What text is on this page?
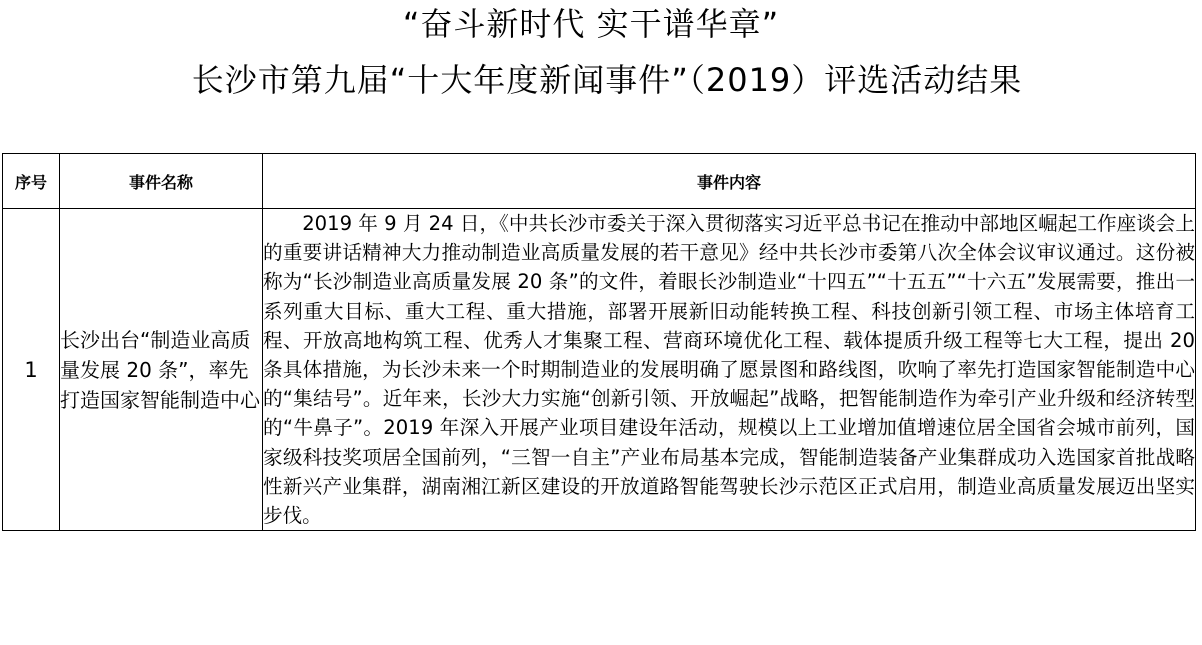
“奋斗新时代 实干谱华章”
长沙市第九届“十大年度新闻事件”（2019）评选活动结果
序号	事件名称	事件内容
1	长沙出台“制造业高质量发展 20 条”，率先打造国家智能制造中心	2019 年 9 月 24 日，《中共长沙市委关于深入贯彻落实习近平总书记在推动中部地区崛起工作座谈会上的重要讲话精神大力推动制造业高质量发展的若干意见》经中共长沙市委第八次全体会议审议通过。这份被称为“长沙制造业高质量发展 20 条”的文件，着眼长沙制造业“十四五”“十五五”“十六五”发展需要，推出一系列重大目标、重大工程、重大措施，部署开展新旧动能转换工程、科技创新引领工程、市场主体培育工程、开放高地构筑工程、优秀人才集聚工程、营商环境优化工程、载体提质升级工程等七大工程，提出 20 条具体措施，为长沙未来一个时期制造业的发展明确了愿景图和路线图，吹响了率先打造国家智能制造中心的“集结号”。近年来，长沙大力实施“创新引领、开放崛起”战略，把智能制造作为牵引产业升级和经济转型的“牛鼻子”。2019 年深入开展产业项目建设年活动，规模以上工业增加值增速位居全国省会城市前列，国家级科技奖项居全国前列，“三智一自主”产业布局基本完成，智能制造装备产业集群成功入选国家首批战略性新兴产业集群，湖南湘江新区建设的开放道路智能驾驶长沙示范区正式启用，制造业高质量发展迈出坚实步伐。
